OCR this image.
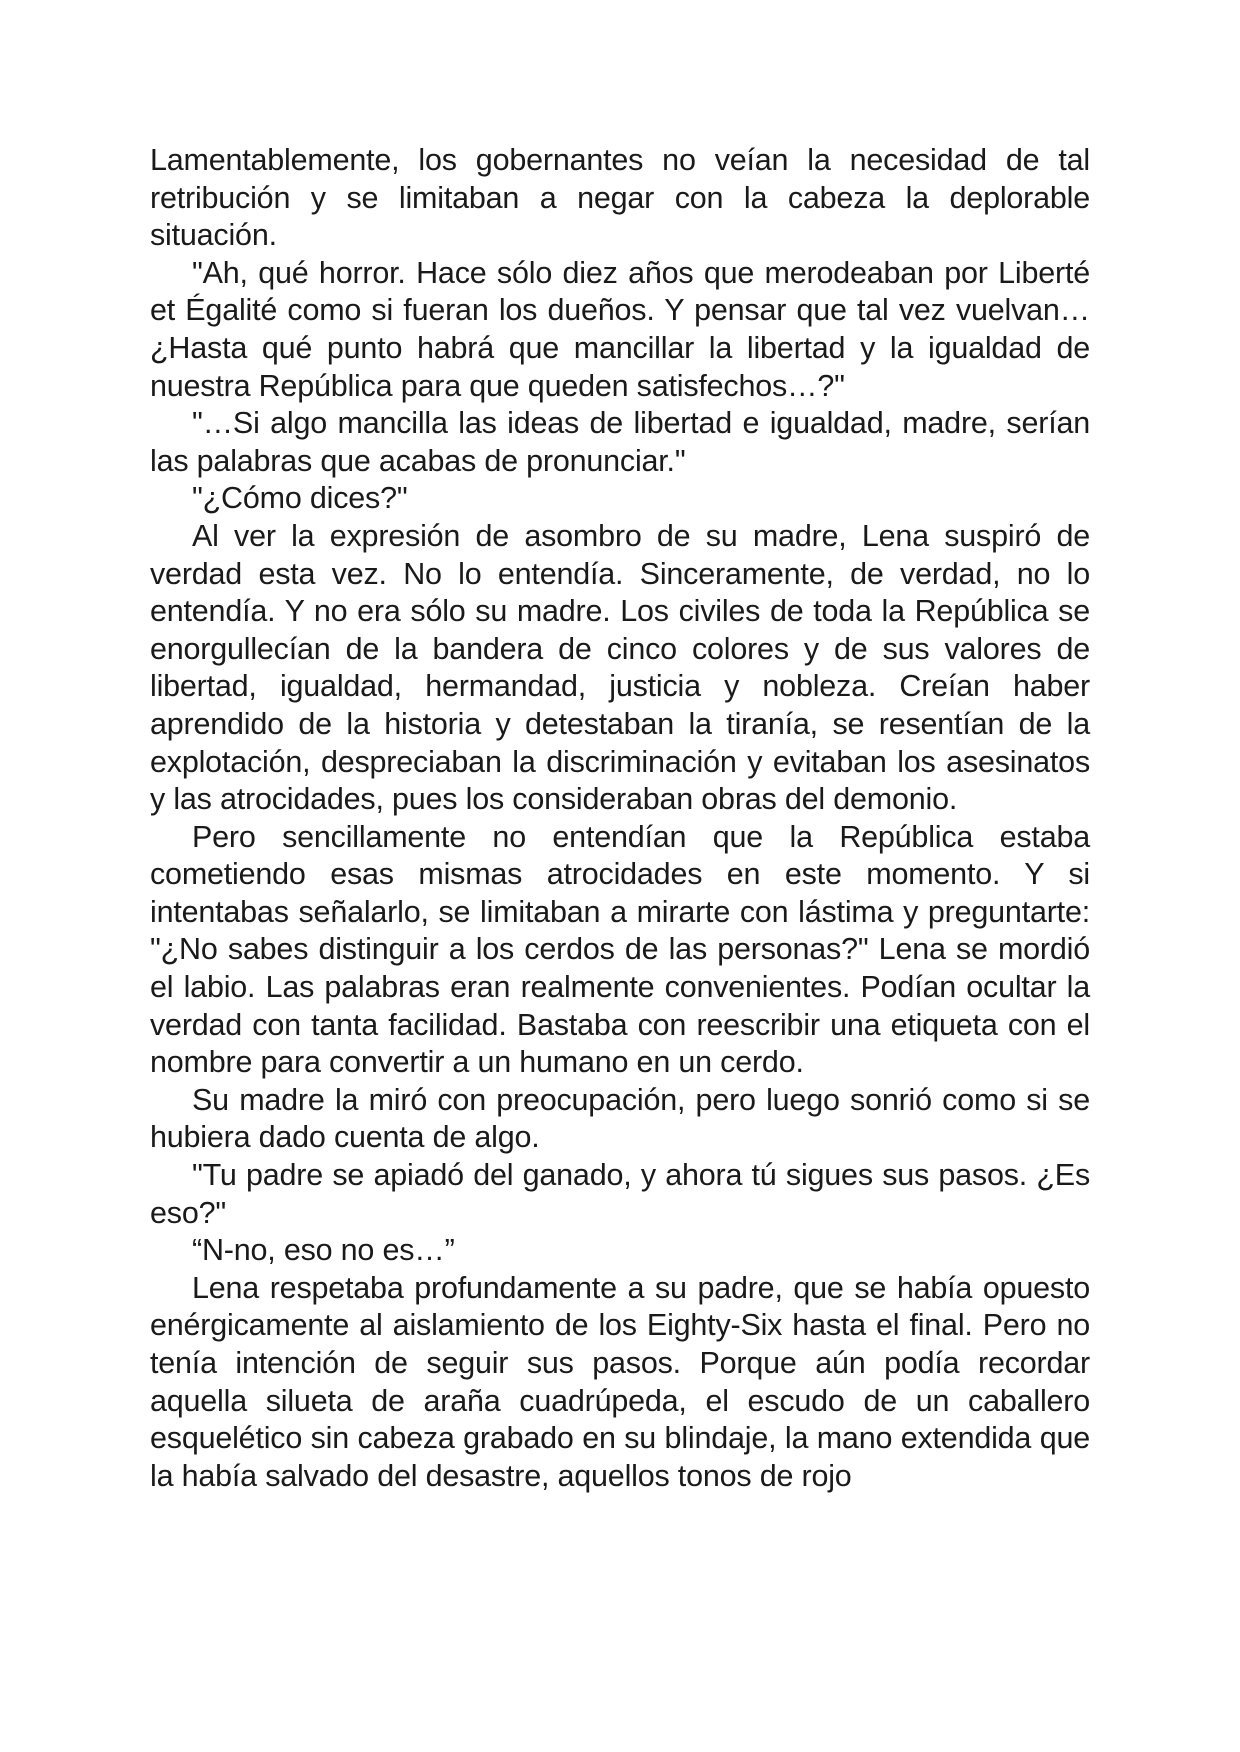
Lamentablemente, los gobernantes no veían la necesidad de tal retribución y se limitaban a negar con la cabeza la deplorable situación.

"Ah, qué horror. Hace sólo diez años que merodeaban por Liberté et Égalité como si fueran los dueños. Y pensar que tal vez vuelvan… ¿Hasta qué punto habrá que mancillar la libertad y la igualdad de nuestra República para que queden satisfechos…?"

"…Si algo mancilla las ideas de libertad e igualdad, madre, serían las palabras que acabas de pronunciar."

"¿Cómo dices?"

Al ver la expresión de asombro de su madre, Lena suspiró de verdad esta vez. No lo entendía. Sinceramente, de verdad, no lo entendía. Y no era sólo su madre. Los civiles de toda la República se enorgullecían de la bandera de cinco colores y de sus valores de libertad, igualdad, hermandad, justicia y nobleza. Creían haber aprendido de la historia y detestaban la tiranía, se resentían de la explotación, despreciaban la discriminación y evitaban los asesinatos y las atrocidades, pues los consideraban obras del demonio.

Pero sencillamente no entendían que la República estaba cometiendo esas mismas atrocidades en este momento. Y si intentabas señalarlo, se limitaban a mirarte con lástima y preguntarte: "¿No sabes distinguir a los cerdos de las personas?" Lena se mordió el labio. Las palabras eran realmente convenientes. Podían ocultar la verdad con tanta facilidad. Bastaba con reescribir una etiqueta con el nombre para convertir a un humano en un cerdo.

Su madre la miró con preocupación, pero luego sonrió como si se hubiera dado cuenta de algo.

"Tu padre se apiadó del ganado, y ahora tú sigues sus pasos. ¿Es eso?"

“N-no, eso no es…”

Lena respetaba profundamente a su padre, que se había opuesto enérgicamente al aislamiento de los Eighty-Six hasta el final. Pero no tenía intención de seguir sus pasos. Porque aún podía recordar aquella silueta de araña cuadrúpeda, el escudo de un caballero esquelético sin cabeza grabado en su blindaje, la mano extendida que la había salvado del desastre, aquellos tonos de rojo
